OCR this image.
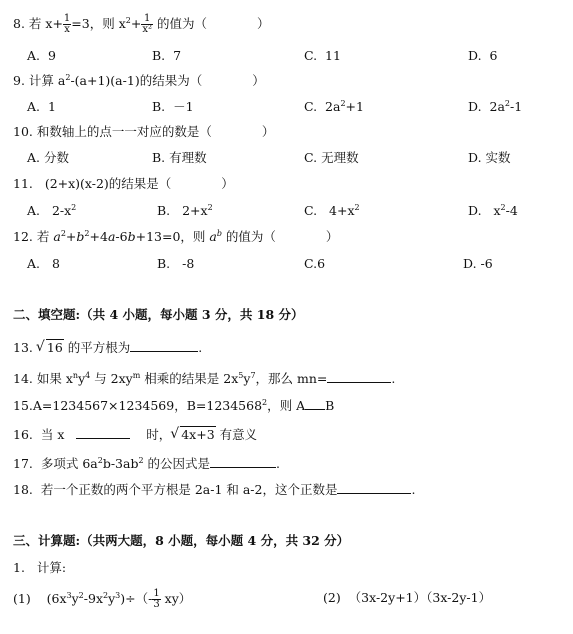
8. 若 $x+ \frac{1}{x} =3$，则 $x^2+ \frac{1}{\text{x²}}$ 的值为（　　　　）
A. 9	B. 7	C. 11	D. 6
9. 计算 $a^2-(a+1)(a-1)$的结果为（　　　　）
A. 1	B. －1	C. $2a^2+1$	D. $2a^2-1$
10. 和数轴上的点一一对应的数是（　　　　）
A. 分数	B. 有理数	C. 无理数	D. 实数
11. (2+x)(x-2)的结果是（　　　　）
A. $2-x^2$	B. $2+x^2$	C. $4+x^2$	D. $x^2-4$
12. 若 $a^2+b^2+4a-6b+13=0$，则 $a^b$ 的值为（　　　　）
A. 8	B. -8	C.6	D. -6
二、填空题:（共 4 小题，每小题 3 分，共 18 分）
13. √ 16 的平方根为	.
14. 如果 $x^ny^4$ 与 $2xy^m$ 相乘的结果是 $2x^5y^7$，那么 mn=	.
15.A=1234567×1234569，$B=1234568^2$，则 A B
16. 当 x	时， √ 4x+3 有意义
17. 多项式 $6a^2b-3ab^2$ 的公因式是	.
18. 若一个正数的两个平方根是 2a-1 和 a-2，这个正数是	.
三、计算题:（共两大题，8 小题，每小题 4 分，共 32 分）
1. 计算:
(1) $(6x^3y^2-9x^2y^3)\div(- \frac{1}{3} xy)$	(2) （3x-2y+1）（3x-2y-1）
